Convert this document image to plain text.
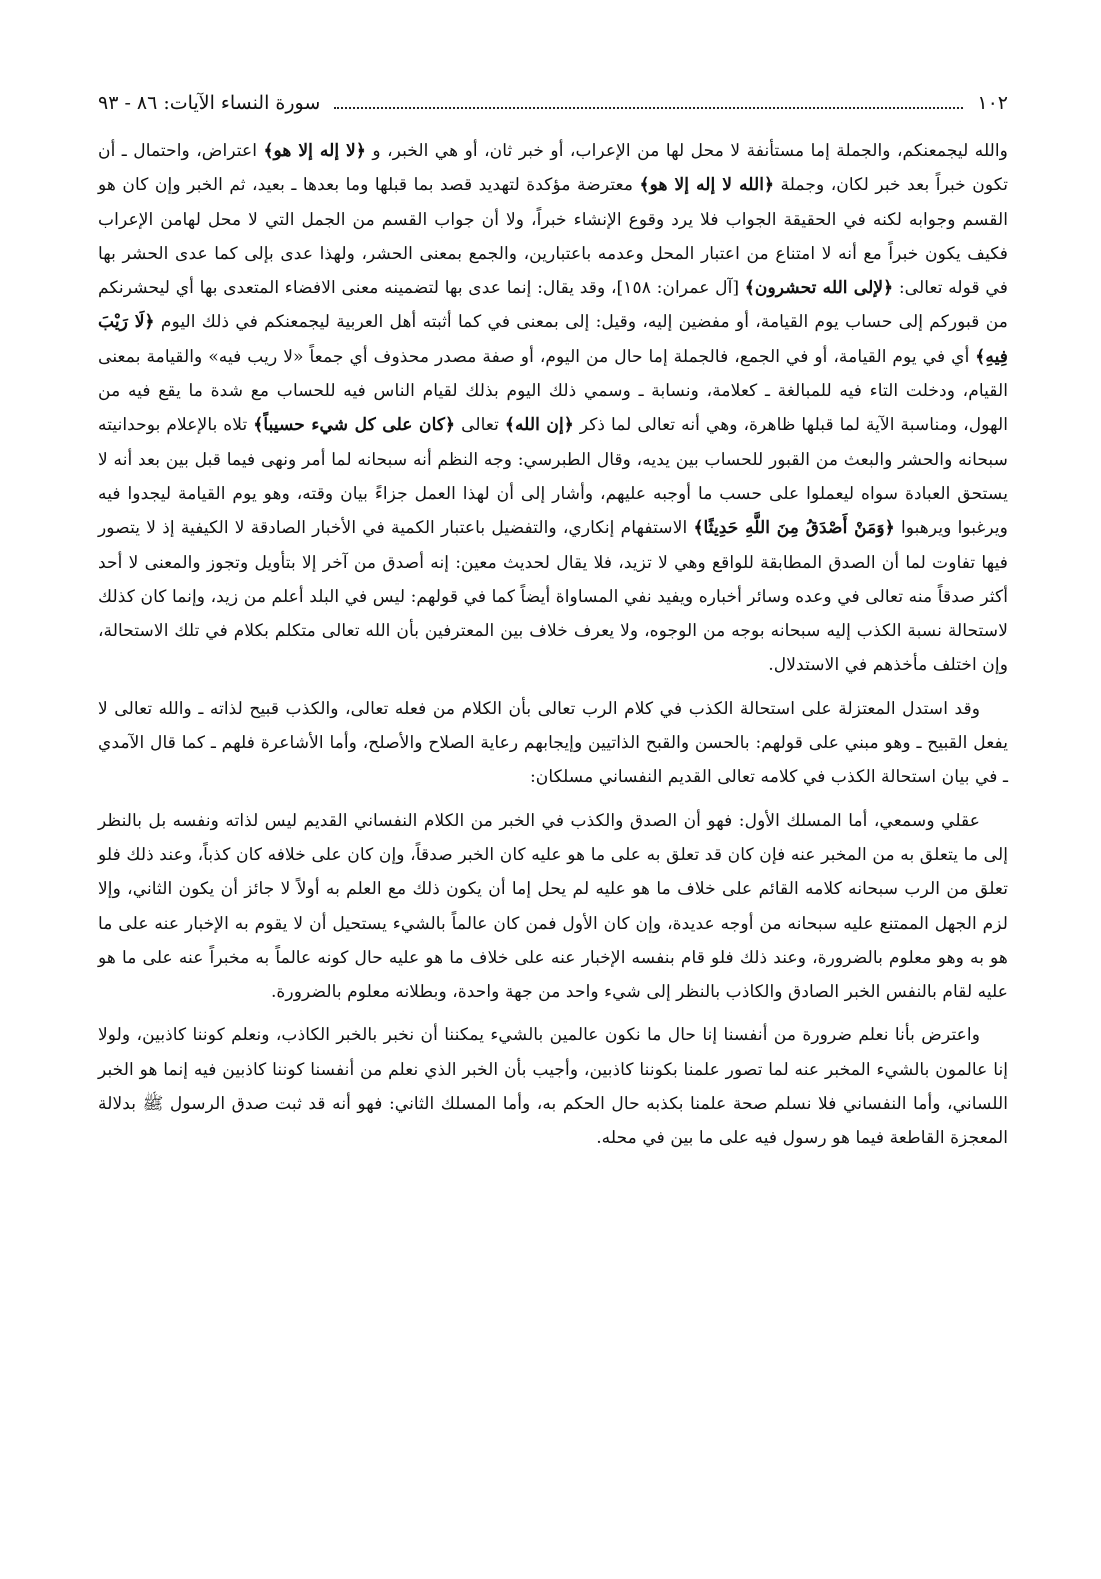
١٠٢
سورة النساء الآيات: ٨٦ - ٩٣

والله ليجمعنكم، والجملة إما مستأنفة لا محل لها من الإعراب، أو خبر ثان، أو هي الخبر، و ﴿لا إله إلا هو﴾ اعتراض، واحتمال ـ أن تكون خبراً بعد خبر لكان، وجملة ﴿الله لا إله إلا هو﴾ معترضة مؤكدة لتهديد قصد بما قبلها وما بعدها ـ بعيد، ثم الخبر وإن كان هو القسم وجوابه لكنه في الحقيقة الجواب فلا يرد وقوع الإنشاء خبراً، ولا أن جواب القسم من الجمل التي لا محل لهامن الإعراب فكيف يكون خبراً مع أنه لا امتناع من اعتبار المحل وعدمه باعتبارين، والجمع بمعنى الحشر، ولهذا عدى بإلى كما عدى الحشر بها في قوله تعالى: ﴿لإلى الله تحشرون﴾ [آل عمران: ١٥٨]، وقد يقال: إنما عدى بها لتضمينه معنى الافضاء المتعدى بها أي ليحشرنكم من قبوركم إلى حساب يوم القيامة، أو مفضين إليه، وقيل: إلى بمعنى في كما أثبته أهل العربية ليجمعنكم في ذلك اليوم ﴿لَا رَيْبَ فِيهِ﴾ أي في يوم القيامة، أو في الجمع، فالجملة إما حال من اليوم، أو صفة مصدر محذوف أي جمعاً «لا ريب فيه» والقيامة بمعنى القيام، ودخلت التاء فيه للمبالغة ـ كعلامة، ونسابة ـ وسمي ذلك اليوم بذلك لقيام الناس فيه للحساب مع شدة ما يقع فيه من الهول، ومناسبة الآية لما قبلها ظاهرة، وهي أنه تعالى لما ذكر ﴿إن الله﴾ تعالى ﴿كان على كل شيء حسيباً﴾ تلاه بالإعلام بوحدانيته سبحانه والحشر والبعث من القبور للحساب بين يديه، وقال الطبرسي: وجه النظم أنه سبحانه لما أمر ونهى فيما قبل بين بعد أنه لا يستحق العبادة سواه ليعملوا على حسب ما أوجبه عليهم، وأشار إلى أن لهذا العمل جزاءً بيان وقته، وهو يوم القيامة ليجدوا فيه ويرغبوا ويرهبوا ﴿وَمَنْ أَصْدَقُ مِنَ اللَّهِ حَدِيثًا﴾ الاستفهام إنكاري، والتفضيل باعتبار الكمية في الأخبار الصادقة لا الكيفية إذ لا يتصور فيها تفاوت لما أن الصدق المطابقة للواقع وهي لا تزيد، فلا يقال لحديث معين: إنه أصدق من آخر إلا بتأويل وتجوز والمعنى لا أحد أكثر صدقاً منه تعالى في وعده وسائر أخباره ويفيد نفي المساواة أيضاً كما في قولهم: ليس في البلد أعلم من زيد، وإنما كان كذلك لاستحالة نسبة الكذب إليه سبحانه بوجه من الوجوه، ولا يعرف خلاف بين المعترفين بأن الله تعالى متكلم بكلام في تلك الاستحالة، وإن اختلف مأخذهم في الاستدلال.

وقد استدل المعتزلة على استحالة الكذب في كلام الرب تعالى بأن الكلام من فعله تعالى، والكذب قبيح لذاته ـ والله تعالى لا يفعل القبيح ـ وهو مبني على قولهم: بالحسن والقبح الذاتيين وإيجابهم رعاية الصلاح والأصلح، وأما الأشاعرة فلهم ـ كما قال الآمدي ـ في بيان استحالة الكذب في كلامه تعالى القديم النفساني مسلكان:

عقلي وسمعي، أما المسلك الأول: فهو أن الصدق والكذب في الخبر من الكلام النفساني القديم ليس لذاته ونفسه بل بالنظر إلى ما يتعلق به من المخبر عنه فإن كان قد تعلق به على ما هو عليه كان الخبر صدقاً، وإن كان على خلافه كان كذباً، وعند ذلك فلو تعلق من الرب سبحانه كلامه القائم على خلاف ما هو عليه لم يحل إما أن يكون ذلك مع العلم به أولاً لا جائز أن يكون الثاني، وإلا لزم الجهل الممتنع عليه سبحانه من أوجه عديدة، وإن كان الأول فمن كان عالماً بالشيء يستحيل أن لا يقوم به الإخبار عنه على ما هو به وهو معلوم بالضرورة، وعند ذلك فلو قام بنفسه الإخبار عنه على خلاف ما هو عليه حال كونه عالماً به مخبراً عنه على ما هو عليه لقام بالنفس الخبر الصادق والكاذب بالنظر إلى شيء واحد من جهة واحدة، وبطلانه معلوم بالضرورة.

واعترض بأنا نعلم ضرورة من أنفسنا إنا حال ما نكون عالمين بالشيء يمكننا أن نخبر بالخبر الكاذب، ونعلم كوننا كاذبين، ولولا إنا عالمون بالشيء المخبر عنه لما تصور علمنا بكوننا كاذبين، وأجيب بأن الخبر الذي نعلم من أنفسنا كوننا كاذبين فيه إنما هو الخبر اللساني، وأما النفساني فلا نسلم صحة علمنا بكذبه حال الحكم به، وأما المسلك الثاني: فهو أنه قد ثبت صدق الرسول ﷺ بدلالة المعجزة القاطعة فيما هو رسول فيه على ما بين في محله.
